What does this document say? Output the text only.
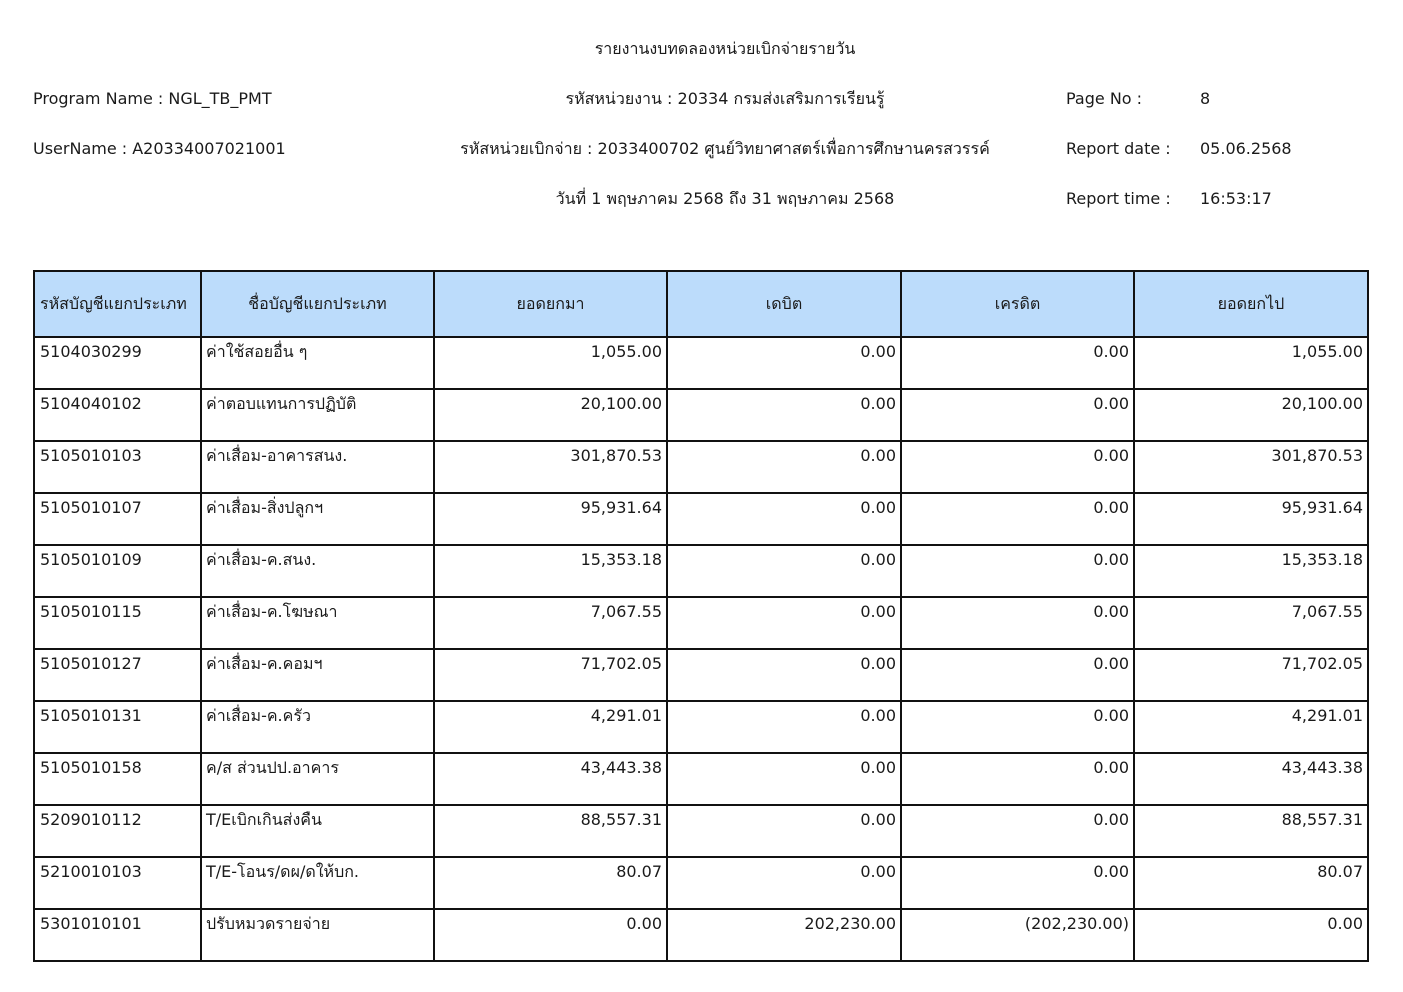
รายงานงบทดลองหน่วยเบิกจ่ายรายวัน
รหัสหน่วยงาน : 20334 กรมส่งเสริมการเรียนรู้
รหัสหน่วยเบิกจ่าย : 2033400702 ศูนย์วิทยาศาสตร์เพื่อการศึกษานครสวรรค์
วันที่ 1 พฤษภาคม 2568 ถึง 31 พฤษภาคม 2568
Program Name : NGL_TB_PMT
UserName : A20334007021001
Page No :	8
Report date : 05.06.2568
Report time : 16:53:17
รหัสบัญชีแยกประเภท	ชื่อบัญชีแยกประเภท	ยอดยกมา	เดบิต	เครดิต	ยอดยกไป
5104030299	ค่าใช้สอยอื่น ๆ	1,055.00	0.00	0.00	1,055.00
5104040102	ค่าตอบแทนการปฏิบัติ	20,100.00	0.00	0.00	20,100.00
5105010103	ค่าเสื่อม-อาคารสนง.	301,870.53	0.00	0.00	301,870.53
5105010107	ค่าเสื่อม-สิ่งปลูกฯ	95,931.64	0.00	0.00	95,931.64
5105010109	ค่าเสื่อม-ค.สนง.	15,353.18	0.00	0.00	15,353.18
5105010115	ค่าเสื่อม-ค.โฆษณา	7,067.55	0.00	0.00	7,067.55
5105010127	ค่าเสื่อม-ค.คอมฯ	71,702.05	0.00	0.00	71,702.05
5105010131	ค่าเสื่อม-ค.ครัว	4,291.01	0.00	0.00	4,291.01
5105010158	ค/ส ส่วนปป.อาคาร	43,443.38	0.00	0.00	43,443.38
5209010112	T/Eเบิกเกินส่งคืน	88,557.31	0.00	0.00	88,557.31
5210010103	T/E-โอนร/ดผ/ดให้บก.	80.07	0.00	0.00	80.07
5301010101	ปรับหมวดรายจ่าย	0.00	202,230.00	(202,230.00)	0.00
